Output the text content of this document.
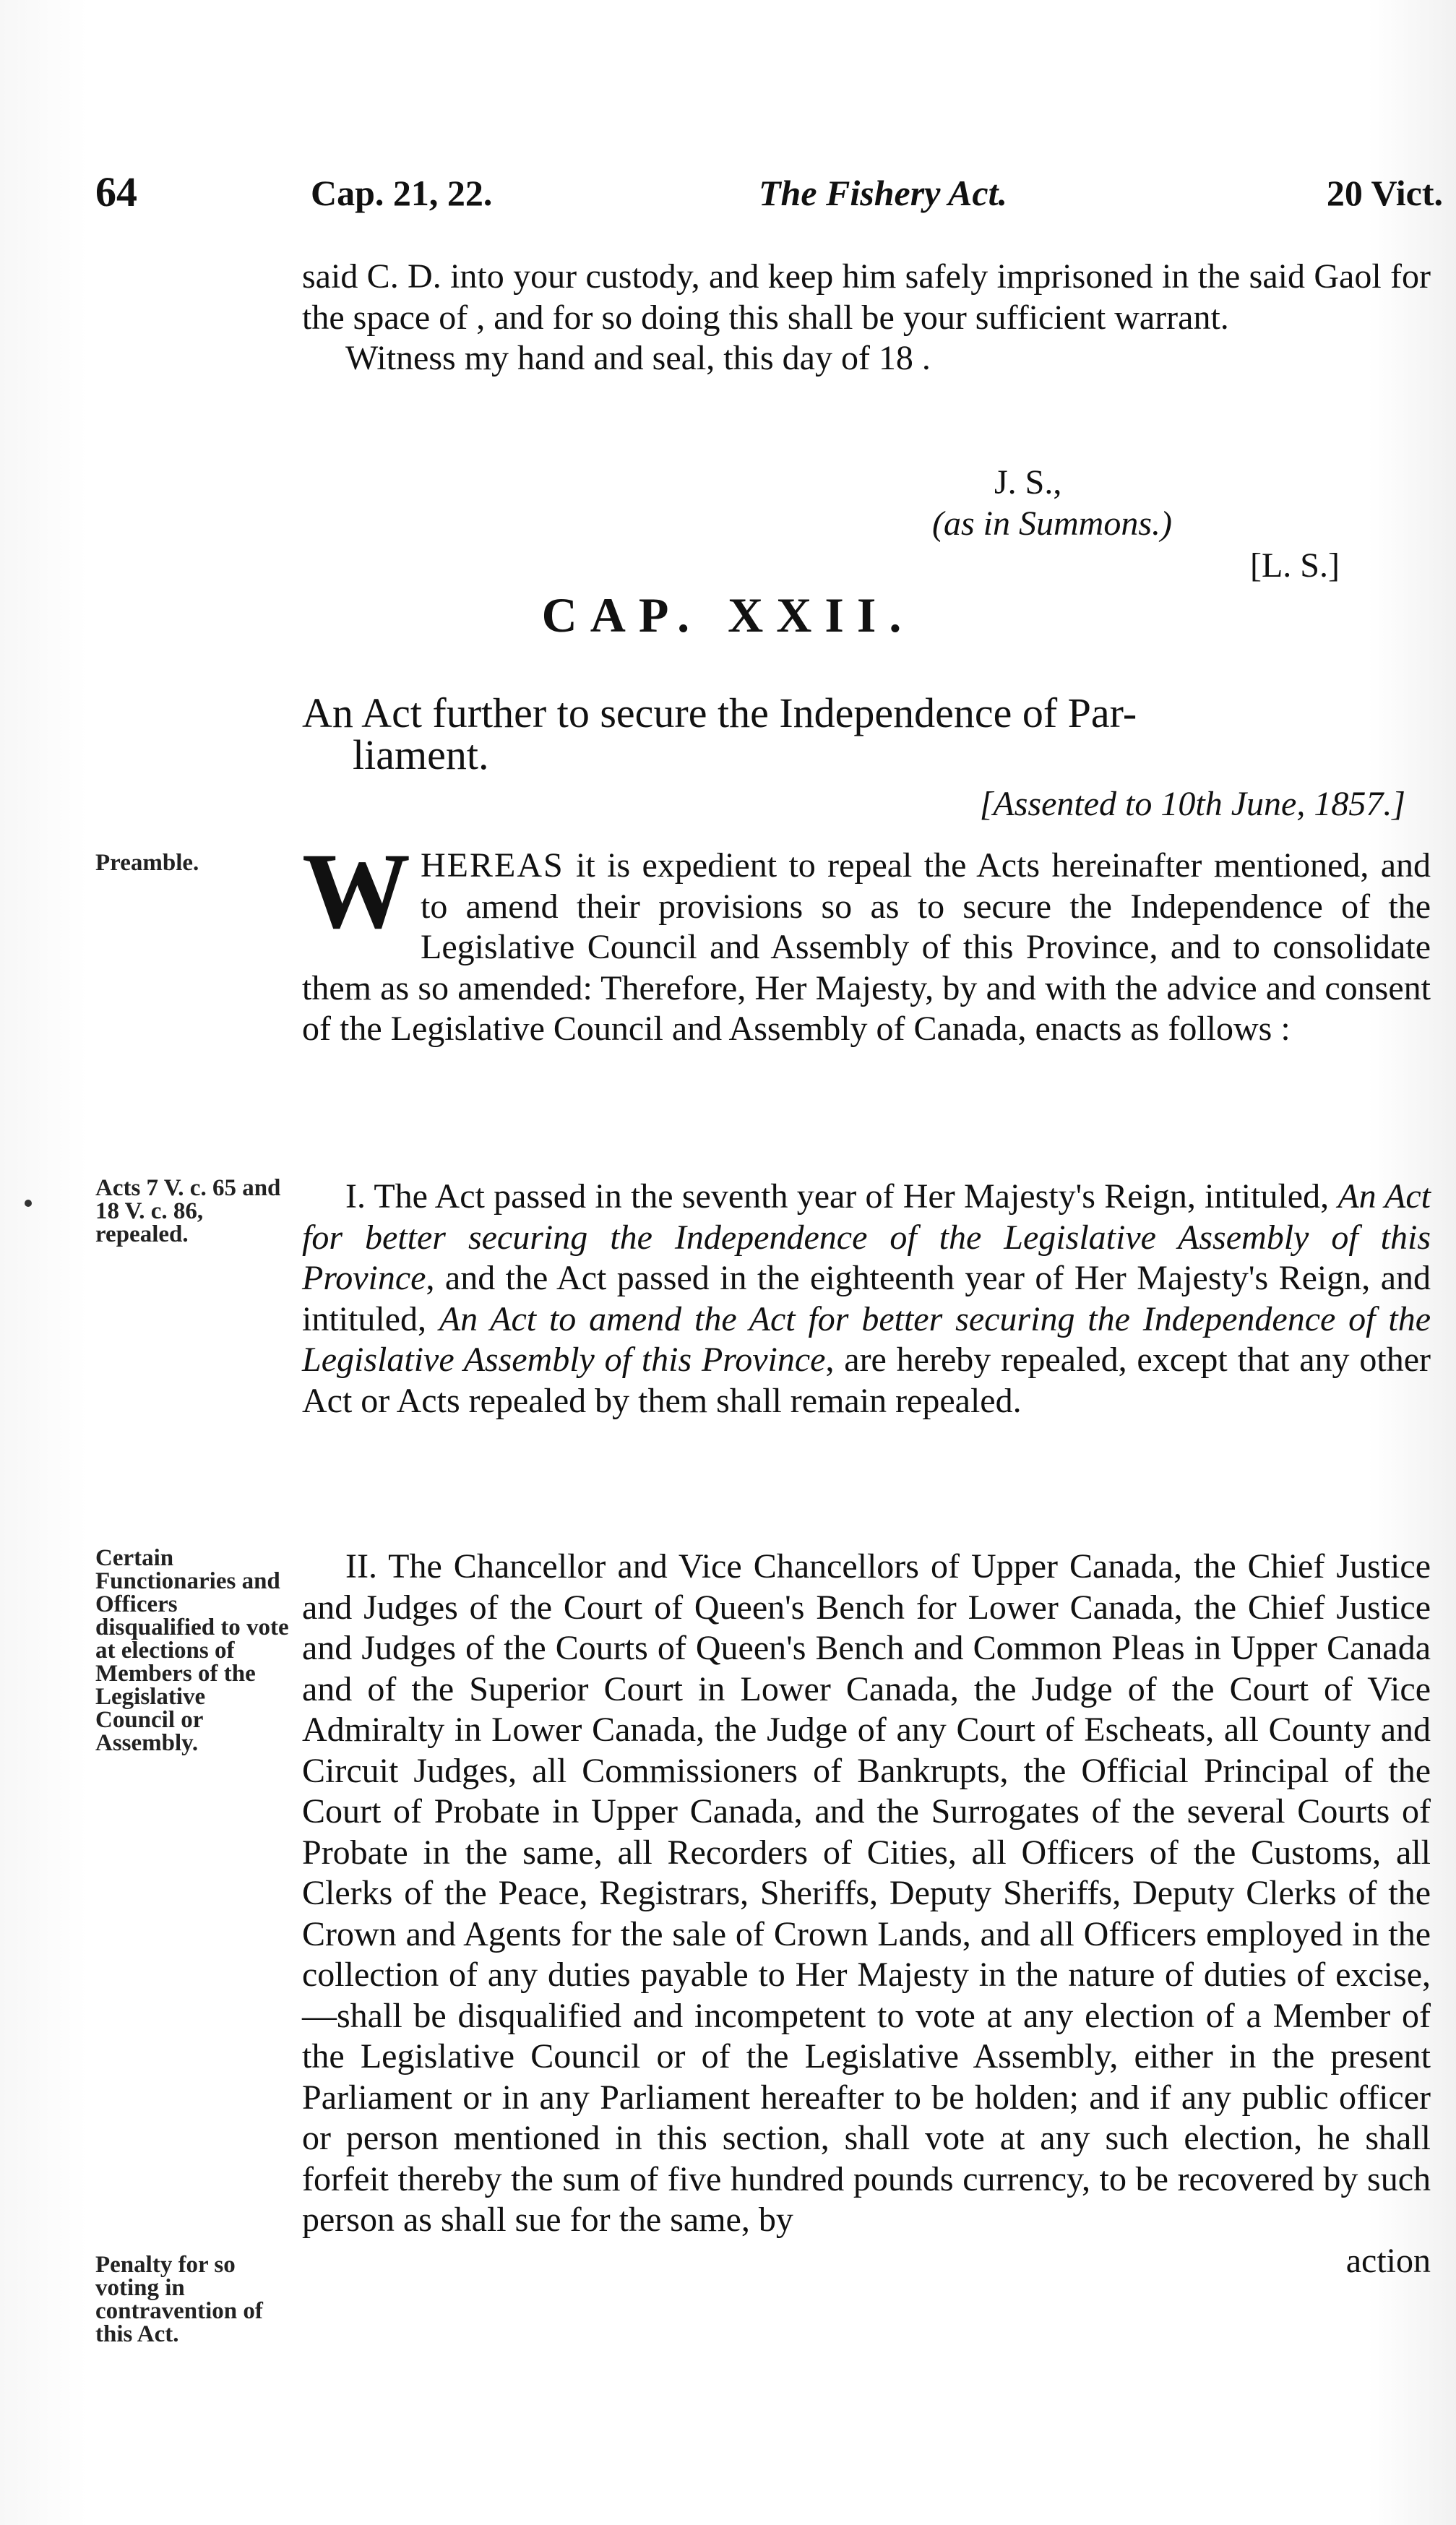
64	Cap. 21, 22.	The Fishery Act.	20 Vict.

said C. D. into your custody, and keep him safely imprisoned in the said Gaol for the space of , and for so doing this shall be your sufficient warrant.

Witness my hand and seal, this day of 18 .

J. S.,
(as in Summons.)
[L. S.]
CAP. XXII.
An Act further to secure the Independence of Par-
liament.
[Assented to 10th June, 1857.]

WHEREAS it is expedient to repeal the Acts hereinafter mentioned, and to amend their provisions so as to secure the Independence of the Legislative Council and Assembly of this Province, and to consolidate them as so amended: Therefore, Her Majesty, by and with the advice and consent of the Legislative Council and Assembly of Canada, enacts as follows :

I. The Act passed in the seventh year of Her Majesty's Reign, intituled, An Act for better securing the Independence of the Legislative Assembly of this Province, and the Act passed in the eighteenth year of Her Majesty's Reign, and intituled, An Act to amend the Act for better securing the Independence of the Legislative Assembly of this Province, are hereby repealed, except that any other Act or Acts repealed by them shall remain repealed.

II. The Chancellor and Vice Chancellors of Upper Canada, the Chief Justice and Judges of the Court of Queen's Bench for Lower Canada, the Chief Justice and Judges of the Courts of Queen's Bench and Common Pleas in Upper Canada and of the Superior Court in Lower Canada, the Judge of the Court of Vice Admiralty in Lower Canada, the Judge of any Court of Escheats, all County and Circuit Judges, all Commissioners of Bankrupts, the Official Principal of the Court of Probate in Upper Canada, and the Surrogates of the several Courts of Probate in the same, all Recorders of Cities, all Officers of the Customs, all Clerks of the Peace, Registrars, Sheriffs, Deputy Sheriffs, Deputy Clerks of the Crown and Agents for the sale of Crown Lands, and all Officers employed in the collection of any duties payable to Her Majesty in the nature of duties of excise,—shall be disqualified and incompetent to vote at any election of a Member of the Legislative Council or of the Legislative Assembly, either in the present Parliament or in any Parliament hereafter to be holden; and if any public officer or person mentioned in this section, shall vote at any such election, he shall forfeit thereby the sum of five hundred pounds currency, to be recovered by such person as shall sue for the same, by

action

Preamble.

Acts 7 V. c. 65 and 18 V. c. 86, repealed.

Certain Functionaries and Officers disqualified to vote at elections of Members of the Legislative Council or Assembly.

Penalty for so voting in contravention of this Act.
